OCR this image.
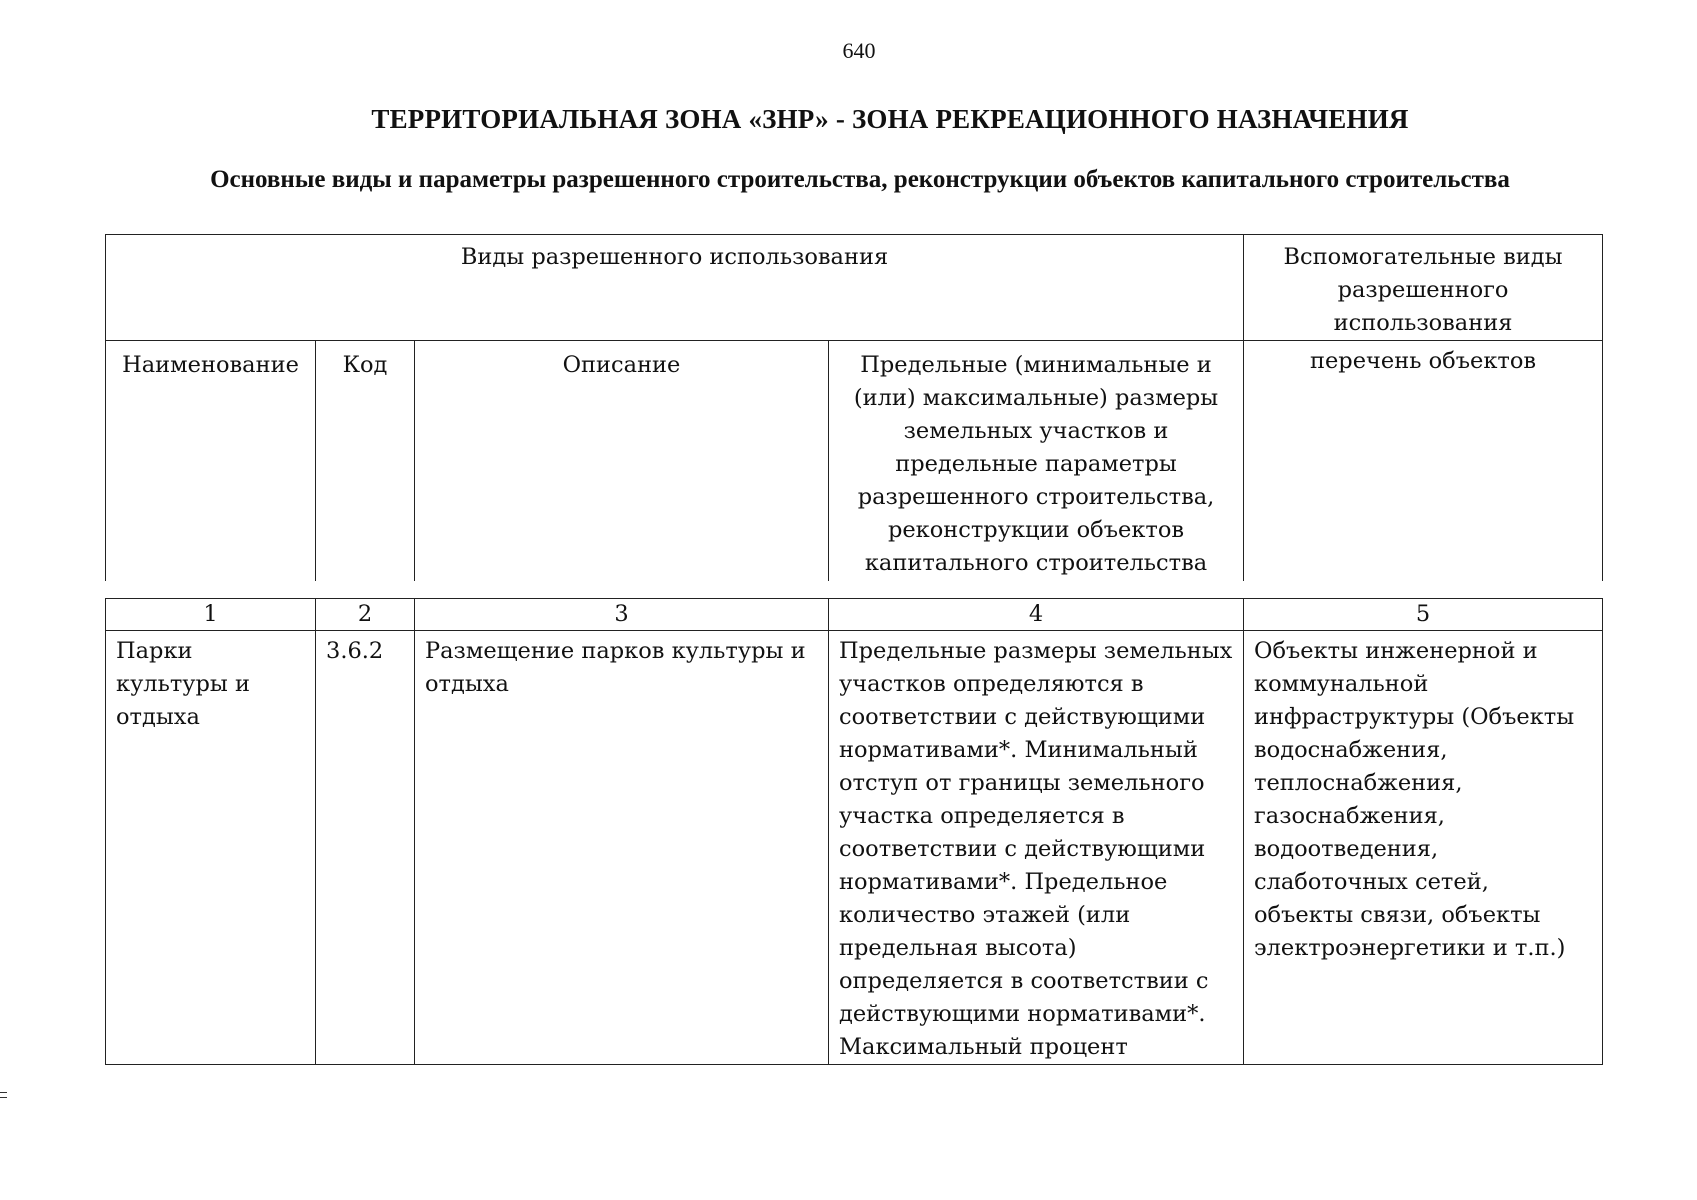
640
ТЕРРИТОРИАЛЬНАЯ ЗОНА «ЗНР» - ЗОНА РЕКРЕАЦИОННОГО НАЗНАЧЕНИЯ
Основные виды и параметры разрешенного строительства, реконструкции объектов капитального строительства
Виды разрешенного использования				Вспомогательные виды разрешенного использования
Наименование	Код	Описание	Предельные (минимальные и (или) максимальные) размеры земельных участков и предельные параметры разрешенного строительства, реконструкции объектов капитального строительства	перечень объектов
1	2	3	4	5
Парки культуры и отдыха	3.6.2	Размещение парков культуры и отдыха	Предельные размеры земельных участков определяются в соответствии с действующими нормативами*. Минимальный отступ от границы земельного участка определяется в соответствии с действующими нормативами*. Предельное количество этажей (или предельная высота) определяется в соответствии с действующими нормативами*. Максимальный процент	Объекты инженерной и коммунальной инфраструктуры (Объекты водоснабжения, теплоснабжения, газоснабжения, водоотведения, слаботочных сетей, объекты связи, объекты электроэнергетики и т.п.)
